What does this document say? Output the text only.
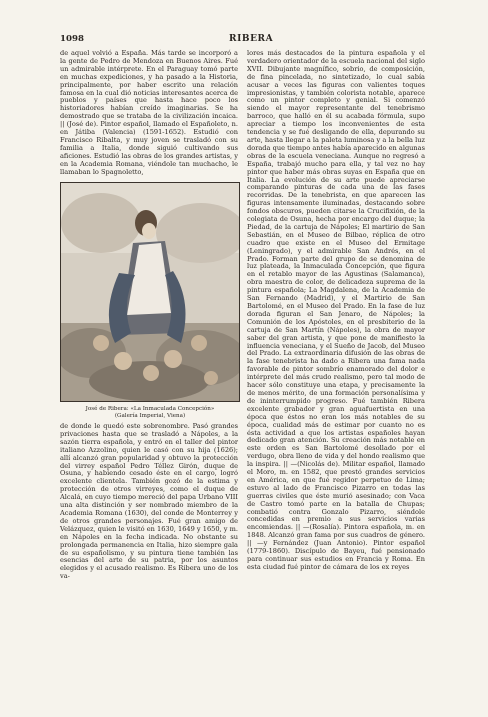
1098	RIBERA

de aquel volvió a España. Más tarde se incorporó a la gente de Pedro de Mendoza en Buenos Aires. Fué un admirable intérprete. En el Paraguay tomó parte en muchas expediciones, y ha pasado a la Historia, principalmente, por haber escrito una relación famosa en la cual dió noticias interesantes acerca de pueblos y países que hasta hace poco los historiadores habían creído imaginarias. Se ha demostrado que se trataba de la civilización incaica. || (José de). Pintor español, llamado el Españoleto, n. en Játiba (Valencia) (1591-1652). Estudió con Francisco Ribalta, y muy joven se trasladó con su familia a Italia, donde siguió cultivando sus aficiones. Estudió las obras de los grandes artistas, y en la Academia Romana, viéndole tan muchacho, le llamaban lo Spagnoletto,

José de Ribera: «La Inmaculada Concepción»
(Galería Imperial, Viena)

de donde le quedó este sobrenombre. Pasó grandes privaciones hasta que se trasladó a Nápoles, a la sazón tierra española, y entró en el taller del pintor italiano Azzolino, quien le casó con su hija (1626); allí alcanzó gran popularidad y obtuvo la protección del virrey español Pedro Téllez Girón, duque de Osuna, y habiendo cesado éste en el cargo, logró excelente clientela. También gozó de la estima y protección de otros virreyes, como el duque de Alcalá, en cuyo tiempo mereció del papa Urbano VIII una alta distinción y ser nombrado miembro de la Academia Romana (1630), del conde de Monterrey y de otros grandes personajes. Fué gran amigo de Velázquez, quien le visitó en 1630, 1649 y 1650, y m. en Nápoles en la fecha indicada. No obstante su prolongada permanencia en Italia, hizo siempre gala de su españolismo, y su pintura tiene también las esencias del arte de su patria, por los asuntos elegidos y el acusado realismo. Es Ribera uno de los va-

lores más destacados de la pintura española y el verdadero orientador de la escuela nacional del siglo XVII. Dibujante magnífico, sobrio, de composición, de fina pincelada, no sintetizado, lo cual sabía acusar a veces las figuras con valientes toques impresionistas, y también colorista notable, aparece como un pintor completo y genial. Si comenzó siendo el mayor representante del tenebrismo barroco, que halló en él su acabada fórmula, supo apreciar a tiempo los inconvenientes de esta tendencia y se fué desligando de ella, depurando su arte, hasta llegar a la paleta luminosa y a la bella luz dorada que tiempo antes había aparecido en algunas obras de la escuela veneciana. Aunque no regresó a España, trabajó mucho para ella, y tal vez no hay pintor que haber más obras suyas en España que en Italia. La evolución de su arte puede apreciarse comparando pinturas de cada una de las fases recorridas. De la tenebrista, en que aparecen las figuras intensamente iluminadas, destacando sobre fondos obscuros, pueden citarse la Crucifixión, de la colegiata de Osuna, hecha por encargo del duque; la Piedad, de la cartuja de Nápoles; El martirio de San Sebastián, en el Museo de Bilbao, réplica de otro cuadro que existe en el Museo del Ermitage (Leningrado), y el admirable San Andrés, en el Prado. Forman parte del grupo de se denomina de luz plateada, la Inmaculada Concepción, que figura en el retablo mayor de las Agustinas (Salamanca), obra maestra de color, de delicadeza suprema de la pintura española; La Magdalena, de la Academia de San Fernando (Madrid), y el Martirio de San Bartolomé, en el Museo del Prado. En la fase de luz dorada figuran el San Jenaro, de Nápoles; la Comunión de los Apóstoles, en el presbiterio de la cartuja de San Martín (Nápoles), la obra de mayor saber del gran artista, y que pone de manifiesto la influencia veneciana, y el Sueño de Jacob, del Museo del Prado. La extraordinaria difusión de las obras de la fase tenebrista ha dado a Ribera una fama nada favorable de pintor sombrío enamorado del dolor e intérprete del más crudo realismo, pero tal modo de hacer sólo constituye una etapa, y precisamente la de menos mérito, de una formación personalísima y de ininterrumpido progreso. Fué también Ribera excelente grabador y gran aguafuertista en una época que éstos no eran los más notables de su época, cualidad más de estimar por cuanto no es ésta actividad a que los artistas españoles hayan dedicado gran atención. Su creación más notable en este orden es San Bartolomé desollado por el verdugo, obra lleno de vida y del hondo realismo que la inspira. || —(Nicolás de). Militar español, llamado el Moro, m. en 1582, que prestó grandes servicios en América, en que fué regidor perpetuo de Lima; estuvo al lado de Francisco Pizarro en todas las guerras civiles que éste murió asesinado; con Vaca de Castro tomó parte en la batalla de Chupas; combatió contra Gonzalo Pizarro, siéndole concedidas en premio a sus servicios varias encomiendas. || —(Rosalía). Pintora española, m. en 1848. Alcanzó gran fama por sus cuadros de género. || —y Fernández (Juan Antonio). Pintor español (1779-1860). Discípulo de Bayeu, fué pensionado para continuar sus estudios en Francia y Roma. En esta ciudad fué pintor de cámara de los ex reyes
